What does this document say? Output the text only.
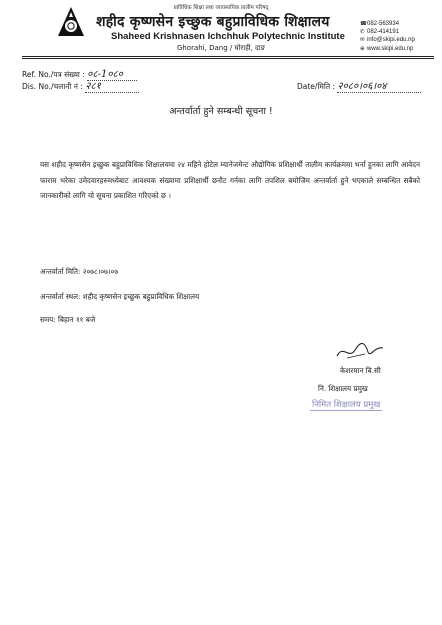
प्राविधिक शिक्षा तथा व्यावसायिक तालीम परिषद्
शहीद कृष्णसेन इच्छुक बहुप्राविधिक शिक्षालय
Shaheed Krishnasen Ichchhuk Polytechnic Institute
Ghorahi, Dang / घोराही, दाङ
☎082-563934
✆ 082-414191
✉ info@skipi.edu.np
⊕ www.skipi.edu.np
Ref. No./पत्र संख्या : ०८-1०८०
Dis. No./चलानी नं : २८१	Date/मिति : २०८०।०६।०४
अन्तर्वार्ता हुने सम्बन्धी सूचना !
यस शहीद कृष्णसेन इच्छुक बहुप्राविधिक शिक्षालयमा २४ महिने होटेल म्यानेजमेन्ट औद्योगिक प्रशिक्षार्थी तालीम कार्यक्रममा भर्ना हुनका लागि आवेदन फाराम भरेका उमेदवारहरुमध्येबाट आवश्यक संख्यामा प्रशिक्षार्थी छनौट गर्नका लागि तपशिल बमोजिम अन्तर्वार्ता हुने भएकाले सम्बन्धित सबैको जानकारीको लागि यो सूचना प्रकाशित गरिएको छ ।
अन्तर्वार्ता मिति: २०७८।०७।०७
अन्तर्वार्ता स्थल: शहीद कृष्णसेन इच्छुक बहुप्राविधिक शिक्षालय
समय: बिहान ११ बजे
केशरमान बि.सी
नि. शिक्षालय प्रमुख
निमित शिक्षालय प्रमुख
